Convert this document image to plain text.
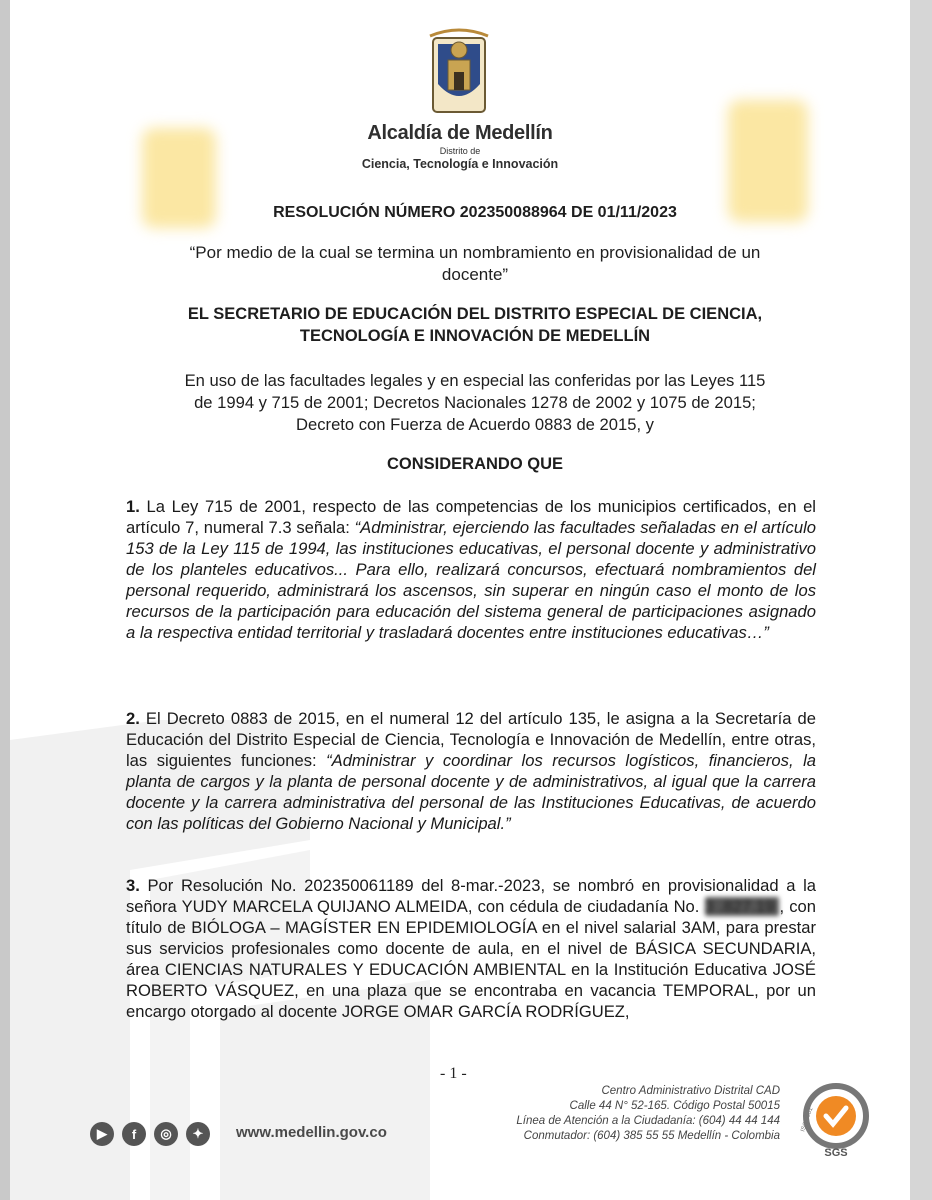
Alcaldía de Medellín
Distrito de
Ciencia, Tecnología e Innovación
RESOLUCIÓN NÚMERO 202350088964 DE 01/11/2023
“Por medio de la cual se termina un nombramiento en provisionalidad de un
docente”
EL SECRETARIO DE EDUCACIÓN DEL DISTRITO ESPECIAL DE CIENCIA,
TECNOLOGÍA E INNOVACIÓN DE MEDELLÍN
En uso de las facultades legales y en especial las conferidas por las Leyes 115
de 1994 y 715 de 2001; Decretos Nacionales 1278 de 2002 y 1075 de 2015;
Decreto con Fuerza de Acuerdo 0883 de 2015, y
CONSIDERANDO QUE
1. La Ley 715 de 2001, respecto de las competencias de los municipios certificados, en el artículo 7, numeral 7.3 señala: “Administrar, ejerciendo las facultades señaladas en el artículo 153 de la Ley 115 de 1994, las instituciones educativas, el personal docente y administrativo de los planteles educativos... Para ello, realizará concursos, efectuará nombramientos del personal requerido, administrará los ascensos, sin superar en ningún caso el monto de los recursos de la participación para educación del sistema general de participaciones asignado a la respectiva entidad territorial y trasladará docentes entre instituciones educativas…”
2. El Decreto 0883 de 2015, en el numeral 12 del artículo 135, le asigna a la Secretaría de Educación del Distrito Especial de Ciencia, Tecnología e Innovación de Medellín, entre otras, las siguientes funciones: “Administrar y coordinar los recursos logísticos, financieros, la planta de cargos y la planta de personal docente y de administrativos, al igual que la carrera docente y la carrera administrativa del personal de las Instituciones Educativas, de acuerdo con las políticas del Gobierno Nacional y Municipal.”
3. Por Resolución No. 202350061189 del 8-mar.-2023, se nombró en provisionalidad a la señora YUDY MARCELA QUIJANO ALMEIDA, con cédula de ciudadanía No. 3 .827.19 , con título de BIÓLOGA – MAGÍSTER EN EPIDEMIOLOGÍA en el nivel salarial 3AM, para prestar sus servicios profesionales como docente de aula, en el nivel de BÁSICA SECUNDARIA, área CIENCIAS NATURALES Y EDUCACIÓN AMBIENTAL en la Institución Educativa JOSÉ ROBERTO VÁSQUEZ, en una plaza que se encontraba en vacancia TEMPORAL, por un encargo otorgado al docente JORGE OMAR GARCÍA RODRÍGUEZ,
- 1 -
▶	f	◎	✦	www.medellin.gov.co
Centro Administrativo Distrital CAD
Calle 44 N° 52-165. Código Postal 50015
Línea de Atención a la Ciudadanía: (604) 44 44 144
Conmutador: (604) 385 55 55 Medellín - Colombia
SGS
ISO 9001
